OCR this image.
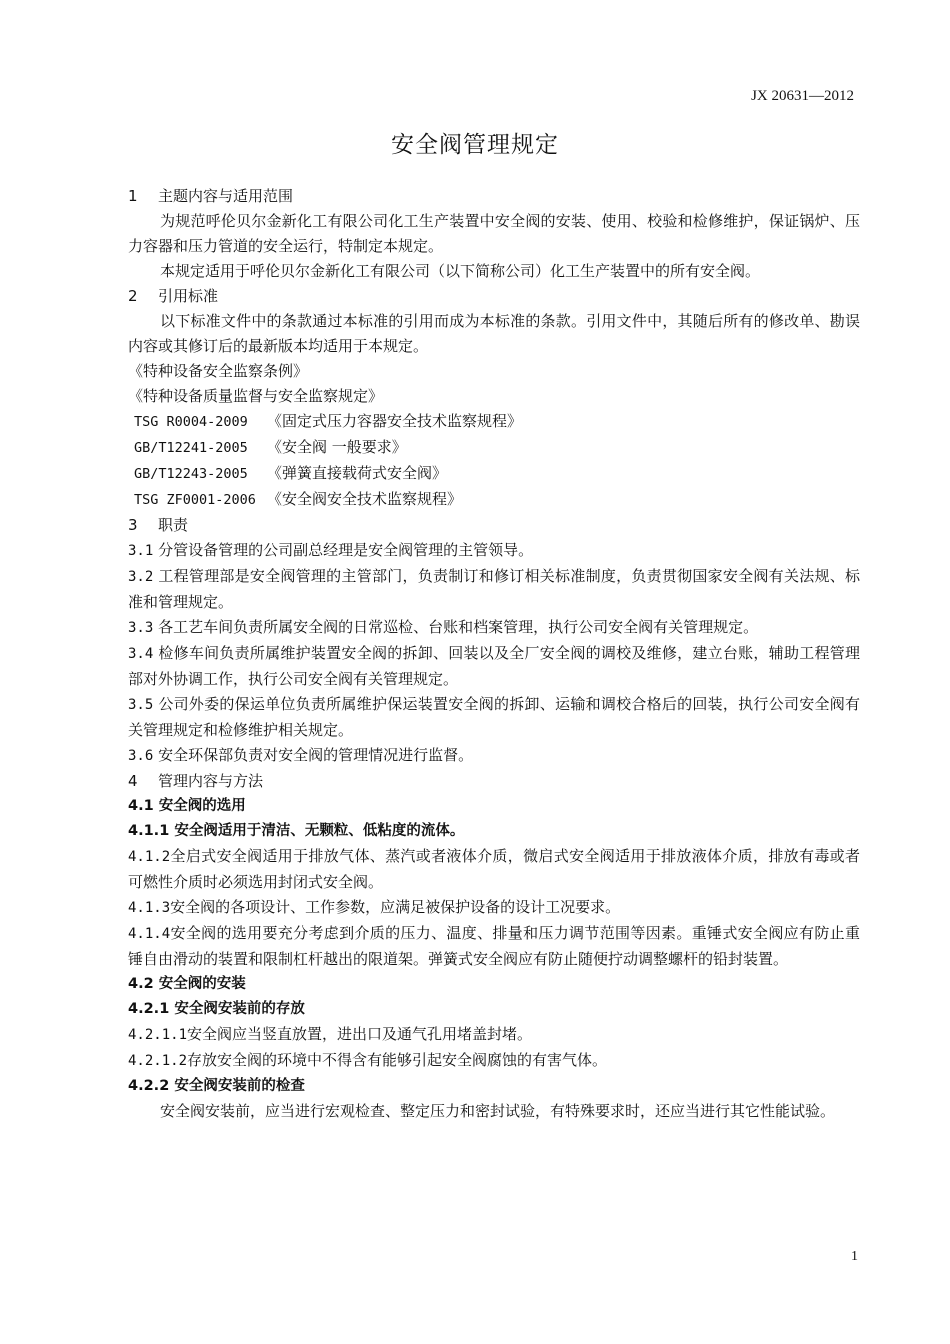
JX 20631—2012
安全阀管理规定

1 主题内容与适用范围

为规范呼伦贝尔金新化工有限公司化工生产装置中安全阀的安装、使用、校验和检修维护，保证锅炉、压力容器和压力管道的安全运行，特制定本规定。

本规定适用于呼伦贝尔金新化工有限公司（以下简称公司）化工生产装置中的所有安全阀。

2 引用标准

以下标准文件中的条款通过本标准的引用而成为本标准的条款。引用文件中，其随后所有的修改单、勘误内容或其修订后的最新版本均适用于本规定。

《特种设备安全监察条例》

《特种设备质量监督与安全监察规定》

TSG R0004-2009 《固定式压力容器安全技术监察规程》

GB/T12241-2005 《安全阀 一般要求》

GB/T12243-2005 《弹簧直接载荷式安全阀》

TSG ZF0001-2006 《安全阀安全技术监察规程》

3 职责

3.1 分管设备管理的公司副总经理是安全阀管理的主管领导。

3.2 工程管理部是安全阀管理的主管部门，负责制订和修订相关标准制度，负责贯彻国家安全阀有关法规、标准和管理规定。

3.3 各工艺车间负责所属安全阀的日常巡检、台账和档案管理，执行公司安全阀有关管理规定。

3.4 检修车间负责所属维护装置安全阀的拆卸、回装以及全厂安全阀的调校及维修，建立台账，辅助工程管理部对外协调工作，执行公司安全阀有关管理规定。

3.5 公司外委的保运单位负责所属维护保运装置安全阀的拆卸、运输和调校合格后的回装，执行公司安全阀有关管理规定和检修维护相关规定。

3.6 安全环保部负责对安全阀的管理情况进行监督。

4 管理内容与方法

4.1 安全阀的选用

4.1.1 安全阀适用于清洁、无颗粒、低粘度的流体。

4.1.2全启式安全阀适用于排放气体、蒸汽或者液体介质，微启式安全阀适用于排放液体介质，排放有毒或者可燃性介质时必须选用封闭式安全阀。

4.1.3安全阀的各项设计、工作参数，应满足被保护设备的设计工况要求。

4.1.4安全阀的选用要充分考虑到介质的压力、温度、排量和压力调节范围等因素。重锤式安全阀应有防止重锤自由滑动的装置和限制杠杆越出的限道架。弹簧式安全阀应有防止随便拧动调整螺杆的铅封装置。

4.2 安全阀的安装

4.2.1 安全阀安装前的存放

4.2.1.1安全阀应当竖直放置，进出口及通气孔用堵盖封堵。

4.2.1.2存放安全阀的环境中不得含有能够引起安全阀腐蚀的有害气体。

4.2.2 安全阀安装前的检查

安全阀安装前，应当进行宏观检查、整定压力和密封试验，有特殊要求时，还应当进行其它性能试验。

1
